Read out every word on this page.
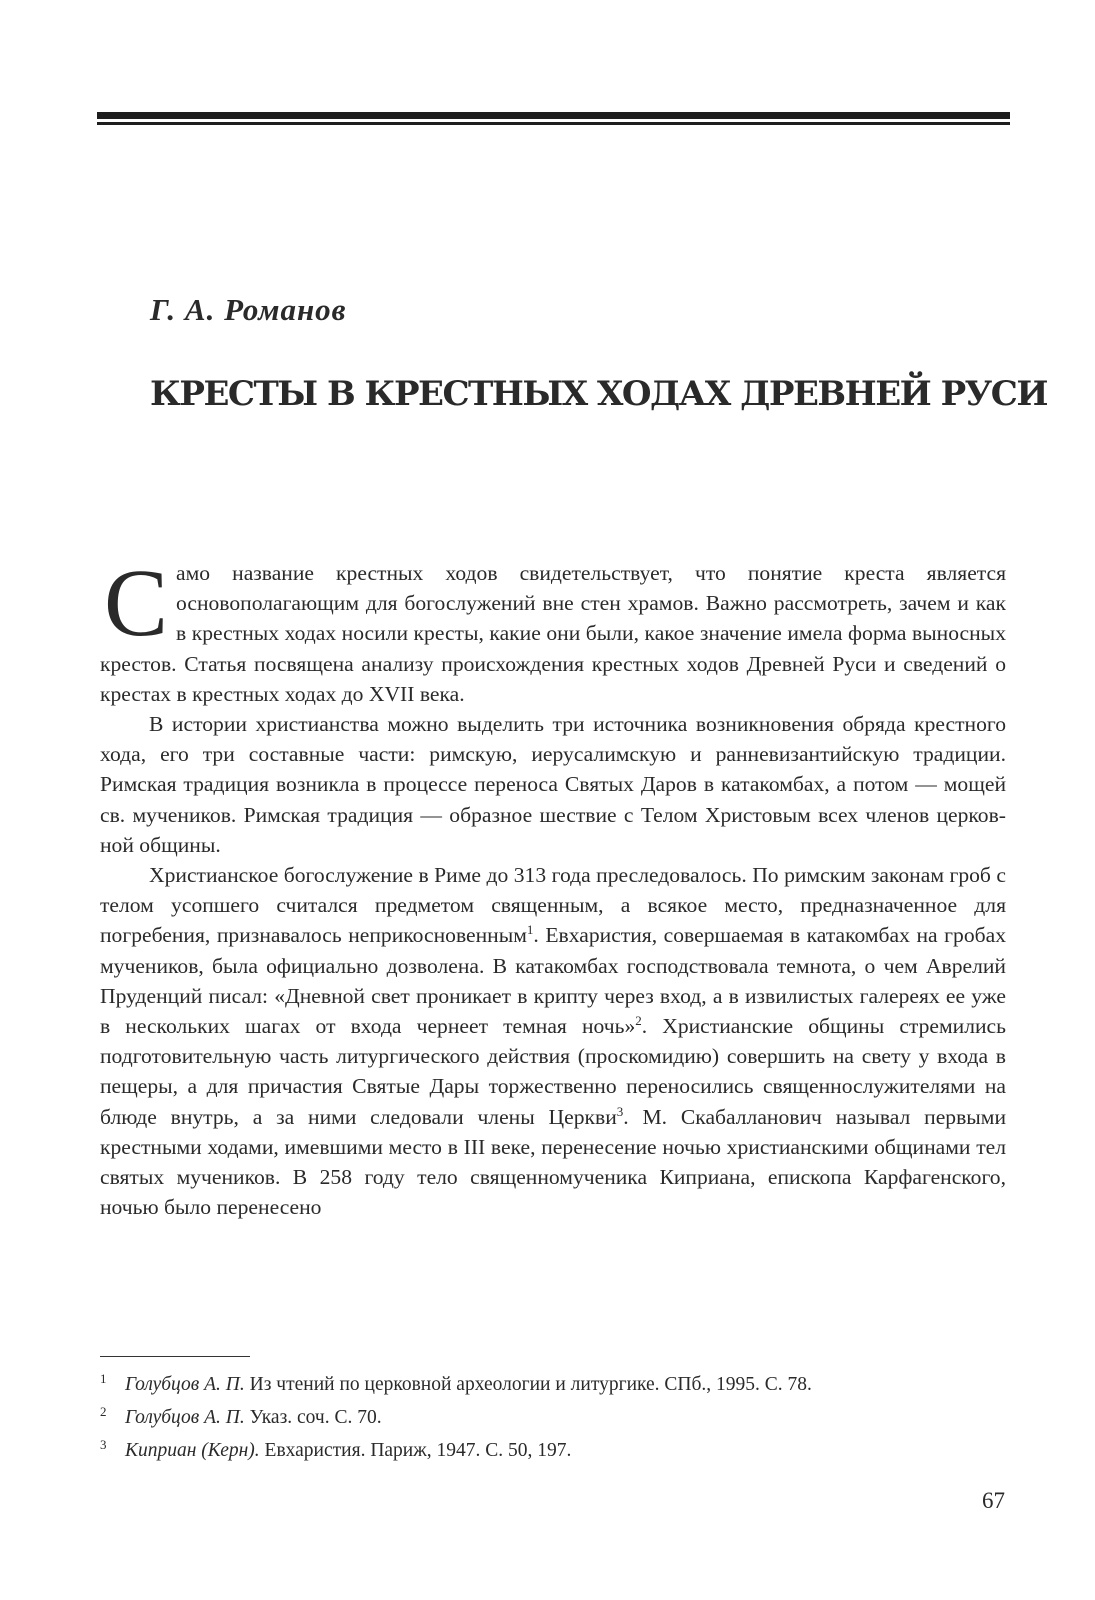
Г. А. Романов
КРЕСТЫ В КРЕСТНЫХ ХОДАХ ДРЕВНЕЙ РУСИ

Само название крестных ходов свидетельствует, что понятие креста является основополагающим для богослужений вне стен храмов. Важно рассмотреть, зачем и как в крестных ходах носили кресты, какие они были, какое значение имела форма выносных крестов. Статья посвящена анализу происхождения крестных ходов Древней Руси и сведений о крестах в крестных ходах до XVII века.

В истории христианства можно выделить три источника возникновения обряда крестного хода, его три составные части: римскую, иерусалимскую и ранневизантийскую традиции. Римская традиция возникла в процессе переноса Святых Даров в катакомбах, а потом — мощей св. мучеников. Римская традиция — образное шествие с Телом Христовым всех членов церковной общины.

Христианское богослужение в Риме до 313 года преследовалось. По римским законам гроб с телом усопшего считался предметом священным, а всякое место, предназначенное для погребения, признавалось неприкосновенным$^1$. Евхаристия, совершаемая в катакомбах на гробах мучеников, была официально дозволена. В катакомбах господствовала темнота, о чем Аврелий Пруденций писал: «Дневной свет проникает в крипту через вход, а в извилистых галереях ее уже в нескольких шагах от входа чернеет темная ночь»$^2$. Христианские общины стремились подготовительную часть литургического действия (проскомидию) совершить на свету у входа в пещеры, а для причастия Святые Дары торжественно переносились священнослужителями на блюде внутрь, а за ними следовали члены Церкви$^3$. М. Скабалланович называл первыми крестными ходами, имевшими место в III веке, перенесение ночью христианскими общинами тел святых мучеников. В 258 году тело священномученика Киприана, епископа Карфагенского, ночью было перенесено

1 Голубцов А. П. Из чтений по церковной археологии и литургике. СПб., 1995. С. 78.
2 Голубцов А. П. Указ. соч. С. 70.
3 Киприан (Керн). Евхаристия. Париж, 1947. С. 50, 197.
67
